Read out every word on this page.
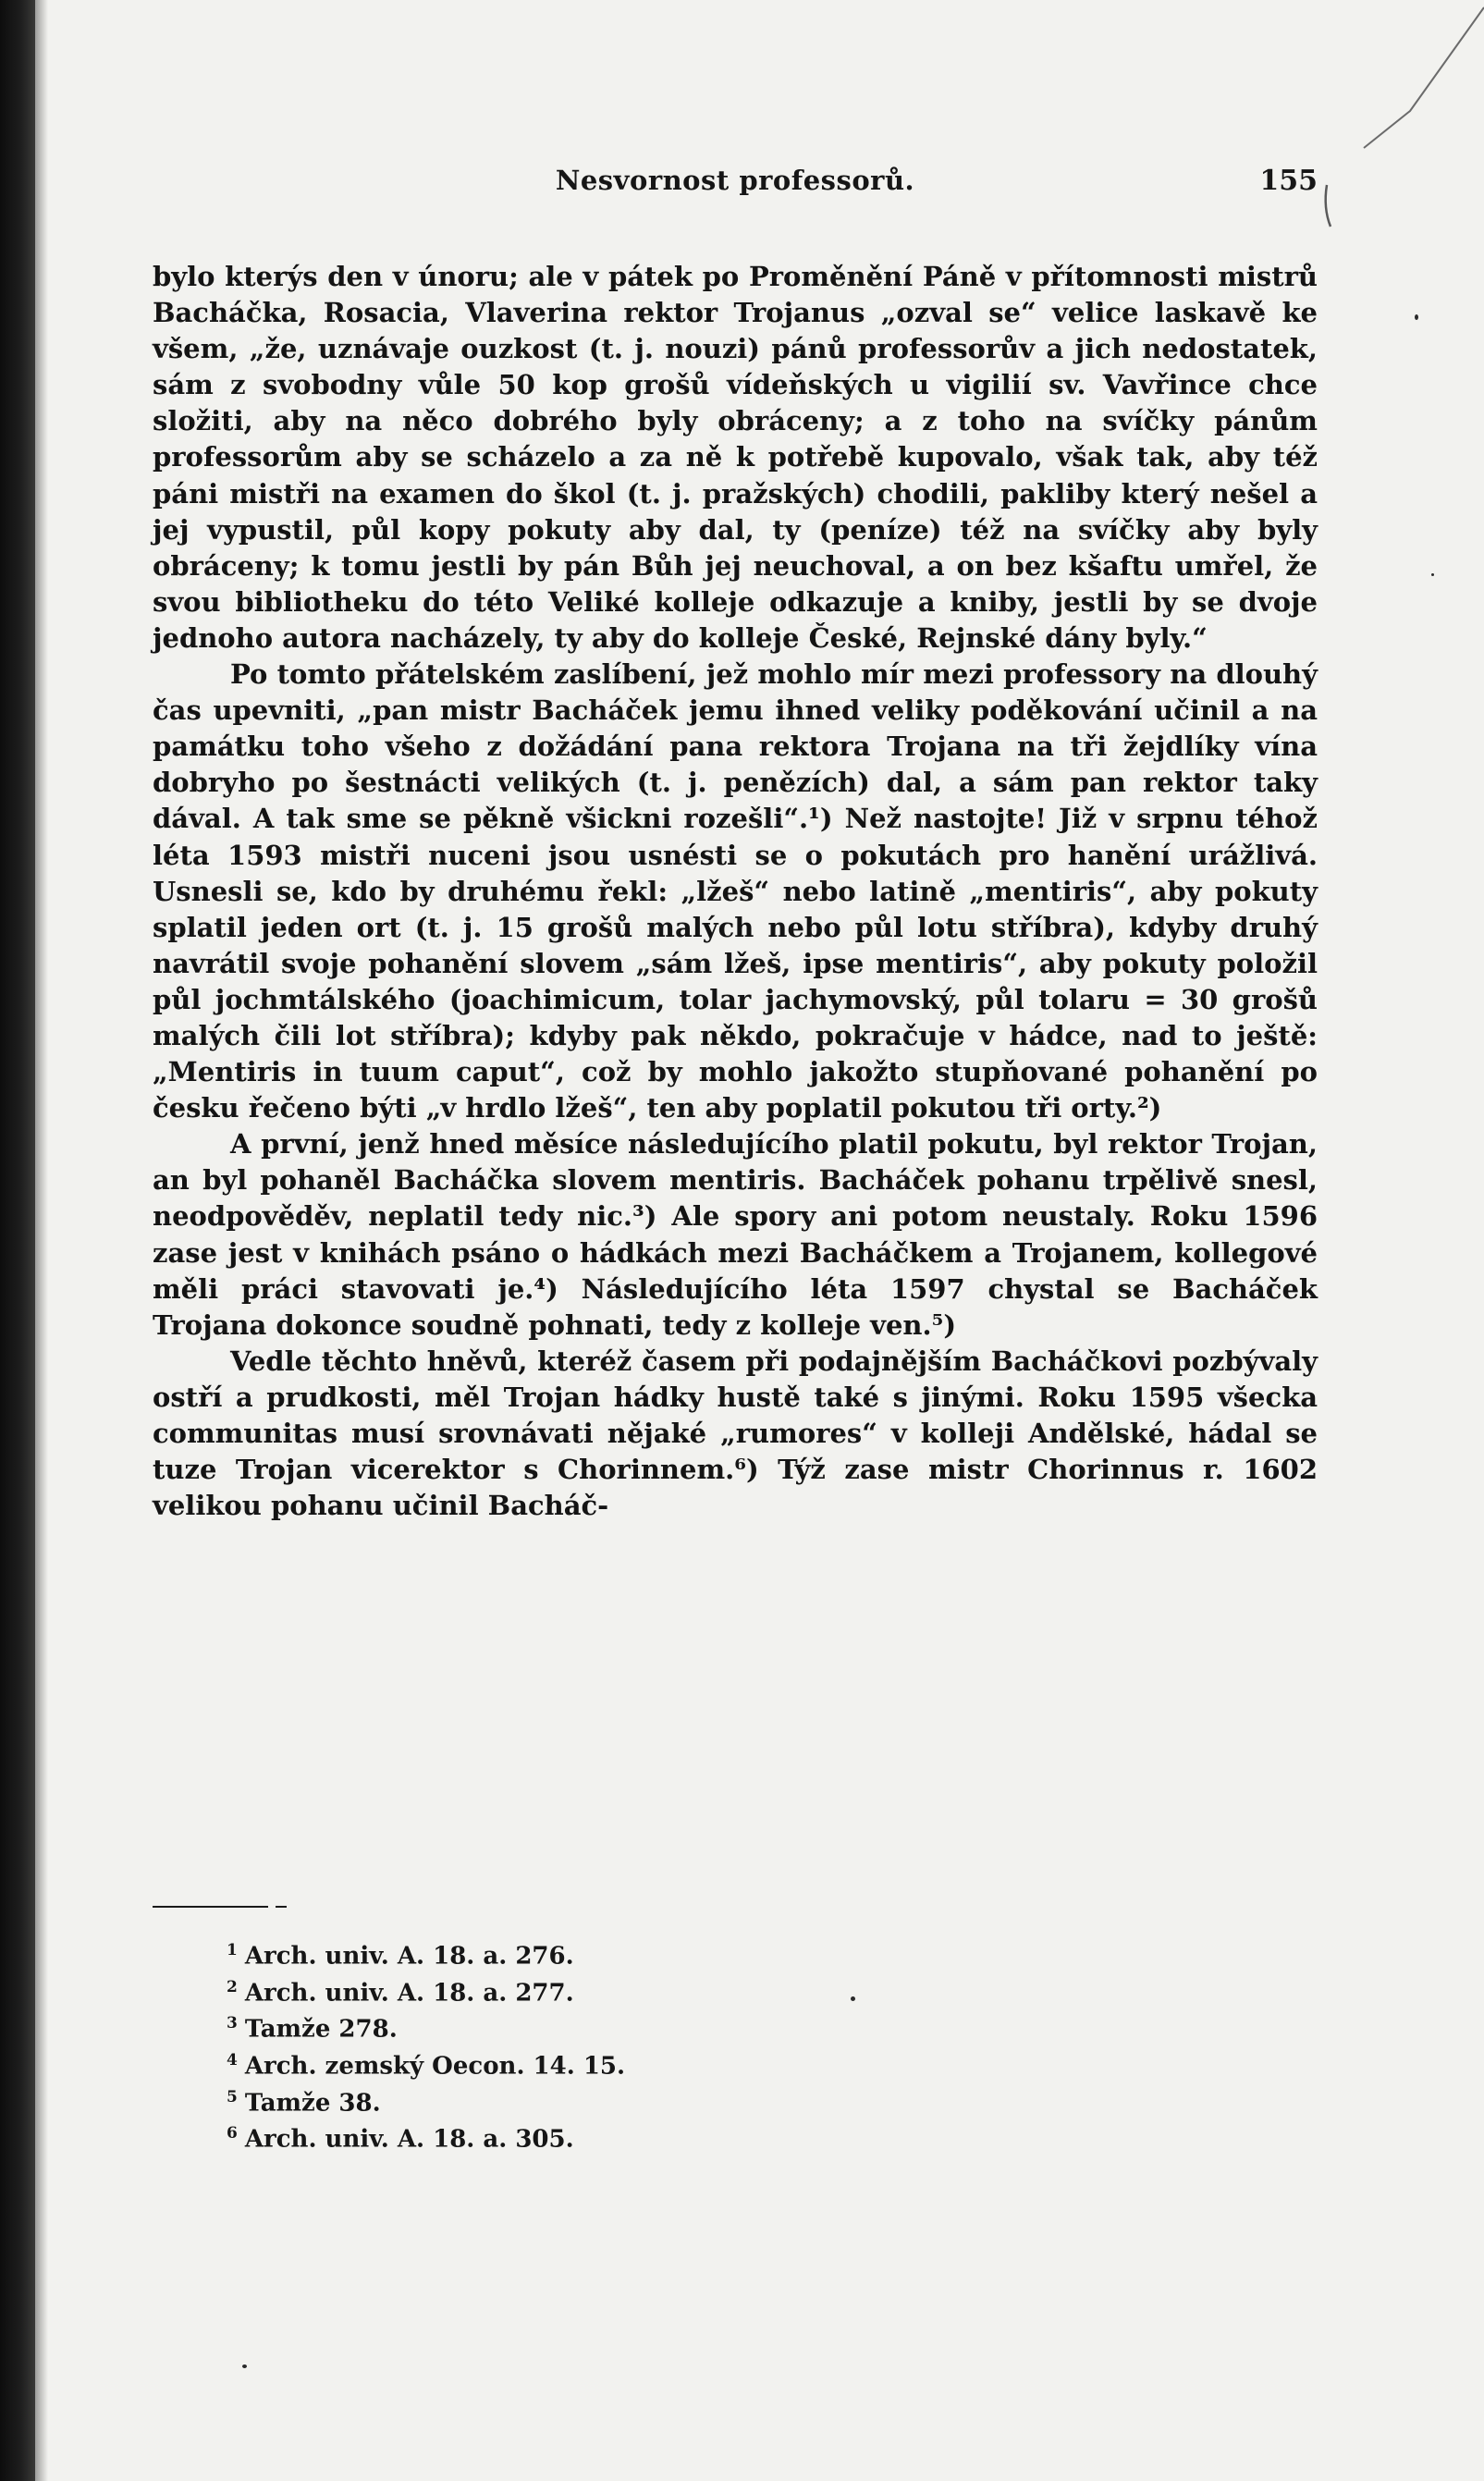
Nesvornost professorů.	155

bylo kterýs den v únoru; ale v pátek po Proměnění Páně v přítomnosti mistrů Bacháčka, Rosacia, Vlaverina rektor Trojanus „ozval se“ velice laskavě ke všem, „že, uznávaje ouzkost (t. j. nouzi) pánů professorův a jich nedostatek, sám z svobodny vůle 50 kop grošů vídeňských u vigilií sv. Vavřince chce složiti, aby na něco dobrého byly obráceny; a z toho na svíčky pánům professorům aby se scházelo a za ně k potřebě kupovalo, však tak, aby též páni mistři na examen do škol (t. j. pražských) chodili, pakliby který nešel a jej vypustil, půl kopy pokuty aby dal, ty (peníze) též na svíčky aby byly obráceny; k tomu jestli by pán Bůh jej neuchoval, a on bez kšaftu umřel, že svou bibliotheku do této Veliké kolleje odkazuje a kniby, jestli by se dvoje jednoho autora nacházely, ty aby do kolleje České, Rejnské dány byly.“

Po tomto přátelském zaslíbení, jež mohlo mír mezi professory na dlouhý čas upevniti, „pan mistr Bacháček jemu ihned veliky poděkování učinil a na památku toho všeho z dožádání pana rektora Trojana na tři žejdlíky vína dobryho po šestnácti velikých (t. j. penězích) dal, a sám pan rektor taky dával. A tak sme se pěkně všickni rozešli“.¹) Než nastojte! Již v srpnu téhož léta 1593 mistři nuceni jsou usnésti se o pokutách pro hanění urážlivá. Usnesli se, kdo by druhému řekl: „lžeš“ nebo latině „mentiris“, aby pokuty splatil jeden ort (t. j. 15 grošů malých nebo půl lotu stříbra), kdyby druhý navrátil svoje pohanění slovem „sám lžeš, ipse mentiris“, aby pokuty položil půl jochmtálského (joachimicum, tolar jachymovský, půl tolaru = 30 grošů malých čili lot stříbra); kdyby pak někdo, pokračuje v hádce, nad to ještě: „Mentiris in tuum caput“, což by mohlo jakožto stupňované pohanění po česku řečeno býti „v hrdlo lžeš“, ten aby poplatil pokutou tři orty.²)

A první, jenž hned měsíce následujícího platil pokutu, byl rektor Trojan, an byl pohaněl Bacháčka slovem mentiris. Bacháček pohanu trpělivě snesl, neodpověděv, neplatil tedy nic.³) Ale spory ani potom neustaly. Roku 1596 zase jest v knihách psáno o hádkách mezi Bacháčkem a Trojanem, kollegové měli práci stavovati je.⁴) Následujícího léta 1597 chystal se Bacháček Trojana dokonce soudně pohnati, tedy z kolleje ven.⁵)

Vedle těchto hněvů, kteréž časem při podajnějším Bacháčkovi pozbývaly ostří a prudkosti, měl Trojan hádky hustě také s jinými. Roku 1595 všecka communitas musí srovnávati nějaké „rumores“ v kolleji Andělské, hádal se tuze Trojan vicerektor s Chorinnem.⁶) Týž zase mistr Chorinnus r. 1602 velikou pohanu učinil Bacháč-

$^1$ Arch. univ. A. 18. a. 276.
$^2$ Arch. univ. A. 18. a. 277.
$^3$ Tamže 278.
$^4$ Arch. zemský Oecon. 14. 15.
$^5$ Tamže 38.
$^6$ Arch. univ. A. 18. a. 305.
